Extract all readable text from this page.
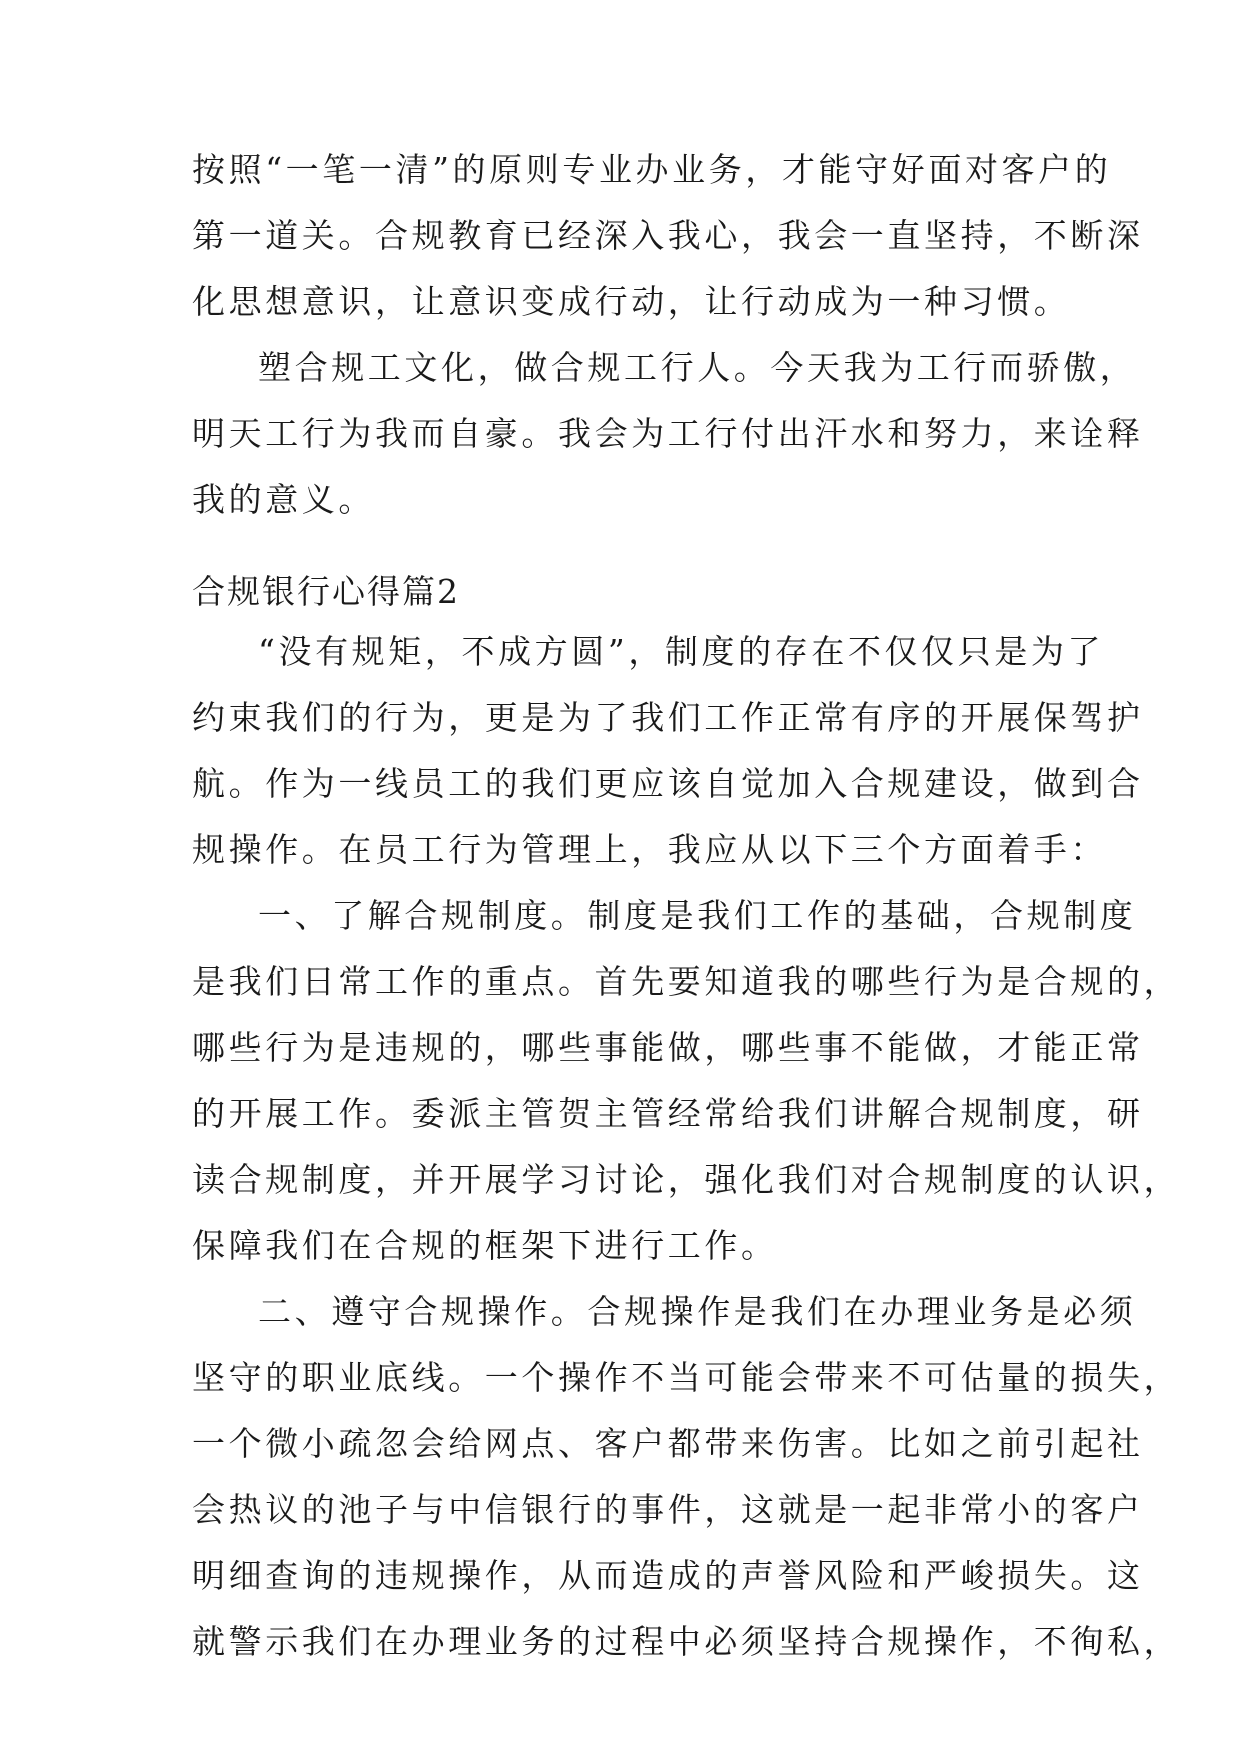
按照“一笔一清”的原则专业办业务，才能守好面对客户的
第一道关。合规教育已经深入我心，我会一直坚持，不断深
化思想意识，让意识变成行动，让行动成为一种习惯。
塑合规工文化，做合规工行人。今天我为工行而骄傲，
明天工行为我而自豪。我会为工行付出汗水和努力，来诠释
我的意义。
合规银行心得篇2
“没有规矩，不成方圆”，制度的存在不仅仅只是为了
约束我们的行为，更是为了我们工作正常有序的开展保驾护
航。作为一线员工的我们更应该自觉加入合规建设，做到合
规操作。在员工行为管理上，我应从以下三个方面着手：
一、了解合规制度。制度是我们工作的基础，合规制度
是我们日常工作的重点。首先要知道我的哪些行为是合规的，
哪些行为是违规的，哪些事能做，哪些事不能做，才能正常
的开展工作。委派主管贺主管经常给我们讲解合规制度，研
读合规制度，并开展学习讨论，强化我们对合规制度的认识，
保障我们在合规的框架下进行工作。
二、遵守合规操作。合规操作是我们在办理业务是必须
坚守的职业底线。一个操作不当可能会带来不可估量的损失，
一个微小疏忽会给网点、客户都带来伤害。比如之前引起社
会热议的池子与中信银行的事件，这就是一起非常小的客户
明细查询的违规操作，从而造成的声誉风险和严峻损失。这
就警示我们在办理业务的过程中必须坚持合规操作，不徇私，
